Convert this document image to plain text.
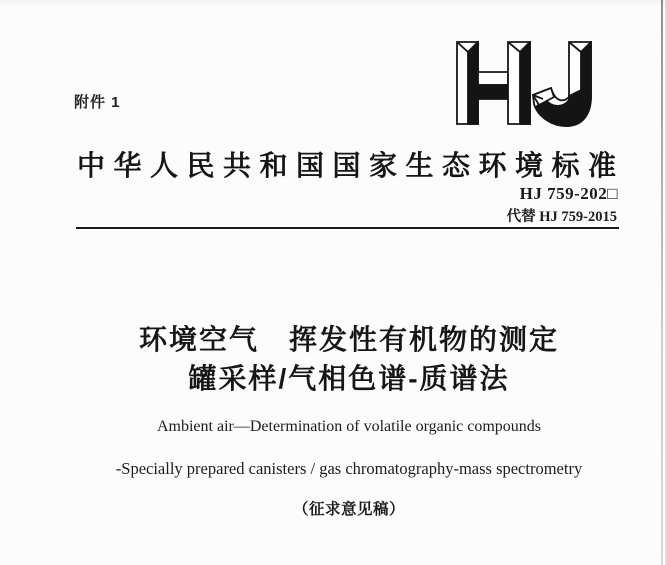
附件 1
中华人民共和国国家生态环境标准
HJ 759-202□
代替 HJ 759-2015
环境空气　挥发性有机物的测定
罐采样/气相色谱-质谱法
Ambient air—Determination of volatile organic compounds
-Specially prepared canisters / gas chromatography-mass spectrometry
（征求意见稿）
